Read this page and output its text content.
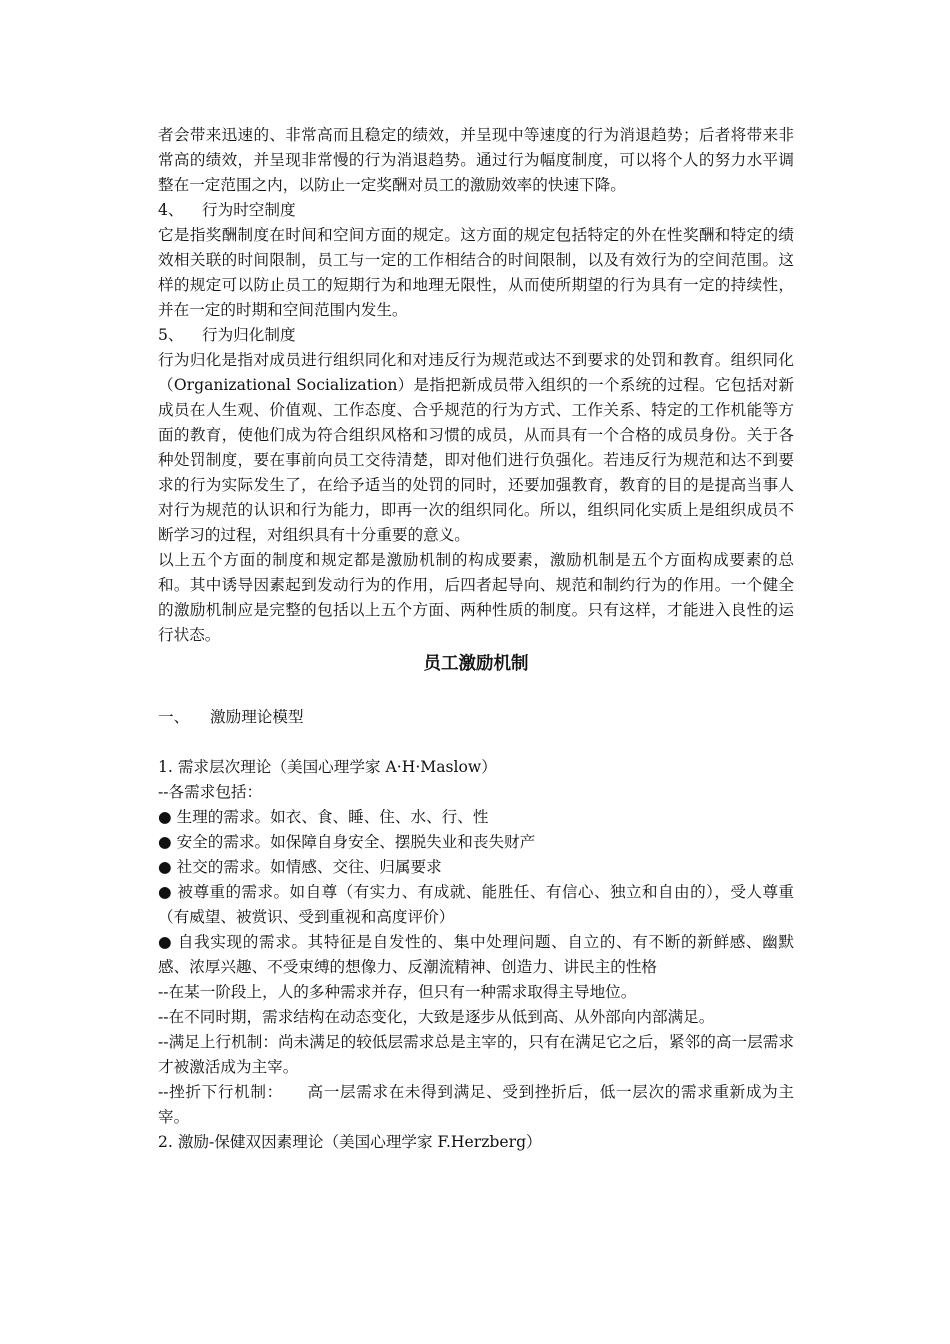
者会带来迅速的、非常高而且稳定的绩效，并呈现中等速度的行为消退趋势；后者将带来非常高的绩效，并呈现非常慢的行为消退趋势。通过行为幅度制度，可以将个人的努力水平调整在一定范围之内，以防止一定奖酬对员工的激励效率的快速下降。

4、 行为时空制度

它是指奖酬制度在时间和空间方面的规定。这方面的规定包括特定的外在性奖酬和特定的绩效相关联的时间限制，员工与一定的工作相结合的时间限制，以及有效行为的空间范围。这样的规定可以防止员工的短期行为和地理无限性，从而使所期望的行为具有一定的持续性，并在一定的时期和空间范围内发生。

5、 行为归化制度

行为归化是指对成员进行组织同化和对违反行为规范或达不到要求的处罚和教育。组织同化（Organizational Socialization）是指把新成员带入组织的一个系统的过程。它包括对新成员在人生观、价值观、工作态度、合乎规范的行为方式、工作关系、特定的工作机能等方面的教育，使他们成为符合组织风格和习惯的成员，从而具有一个合格的成员身份。关于各种处罚制度，要在事前向员工交待清楚，即对他们进行负强化。若违反行为规范和达不到要求的行为实际发生了，在给予适当的处罚的同时，还要加强教育，教育的目的是提高当事人对行为规范的认识和行为能力，即再一次的组织同化。所以，组织同化实质上是组织成员不断学习的过程，对组织具有十分重要的意义。

以上五个方面的制度和规定都是激励机制的构成要素，激励机制是五个方面构成要素的总和。其中诱导因素起到发动行为的作用，后四者起导向、规范和制约行为的作用。一个健全的激励机制应是完整的包括以上五个方面、两种性质的制度。只有这样，才能进入良性的运行状态。

员工激励机制

一、 激励理论模型

1. 需求层次理论（美国心理学家 A·H·Maslow）

--各需求包括：

● 生理的需求。如衣、食、睡、住、水、行、性

● 安全的需求。如保障自身安全、摆脱失业和丧失财产

● 社交的需求。如情感、交往、归属要求

● 被尊重的需求。如自尊（有实力、有成就、能胜任、有信心、独立和自由的），受人尊重（有威望、被赏识、受到重视和高度评价）

● 自我实现的需求。其特征是自发性的、集中处理问题、自立的、有不断的新鲜感、幽默感、浓厚兴趣、不受束缚的想像力、反潮流精神、创造力、讲民主的性格

--在某一阶段上，人的多种需求并存，但只有一种需求取得主导地位。

--在不同时期，需求结构在动态变化，大致是逐步从低到高、从外部向内部满足。

--满足上行机制：尚未满足的较低层需求总是主宰的，只有在满足它之后，紧邻的高一层需求才被激活成为主宰。

--挫折下行机制： 高一层需求在未得到满足、受到挫折后，低一层次的需求重新成为主宰。

2. 激励-保健双因素理论（美国心理学家 F.Herzberg）
